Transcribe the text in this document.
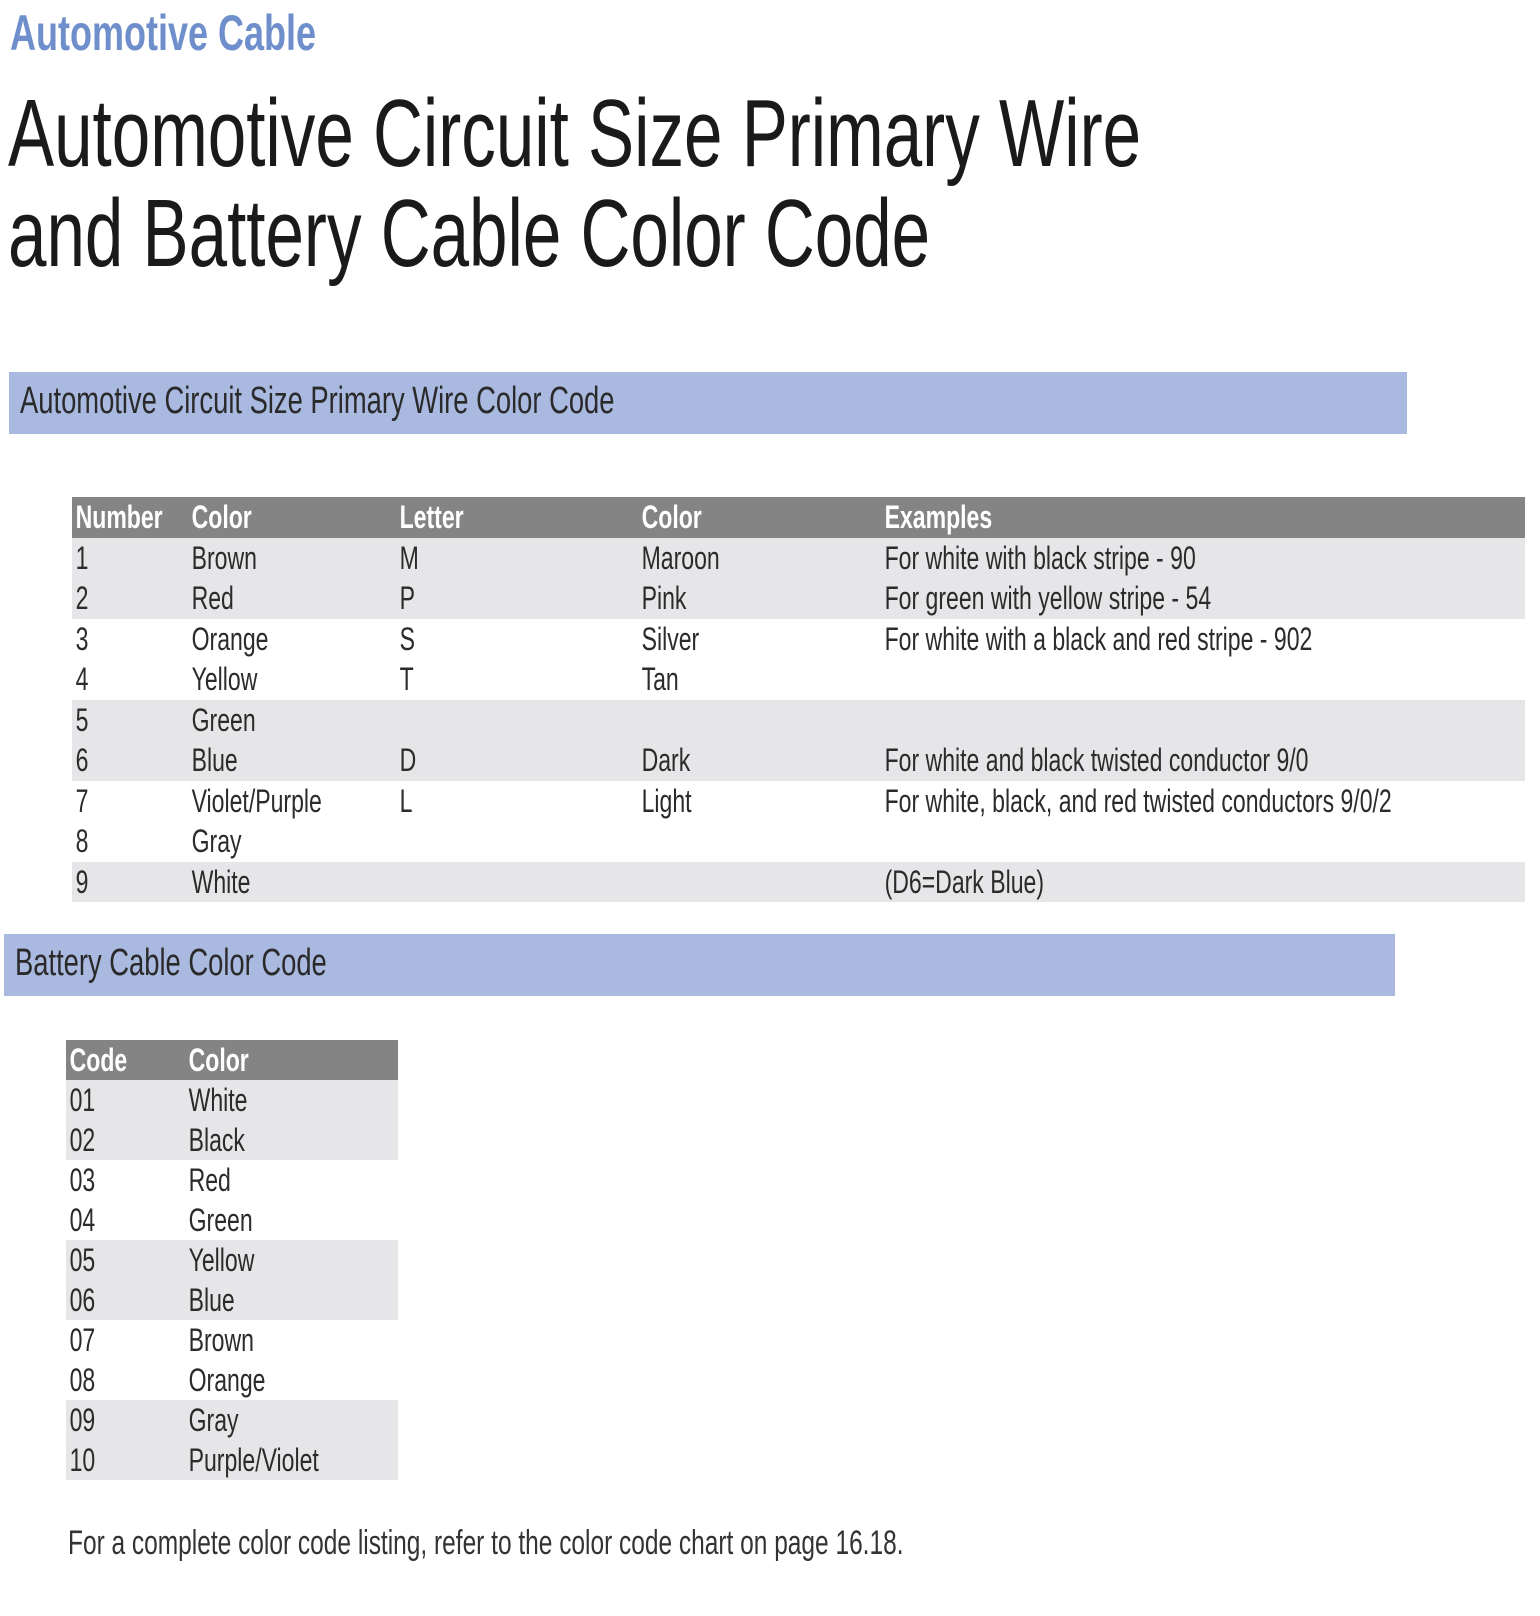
Automotive Cable
Automotive Circuit Size Primary Wire
and Battery Cable Color Code
Automotive Circuit Size Primary Wire Color Code
Number	Color	Letter	Color	Examples
1	Brown	M	Maroon	For white with black stripe - 90
2	Red	P	Pink	For green with yellow stripe - 54
3	Orange	S	Silver	For white with a black and red stripe - 902
4	Yellow	T	Tan	
5	Green			
6	Blue	D	Dark	For white and black twisted conductor 9/0
7	Violet/Purple	L	Light	For white, black, and red twisted conductors 9/0/2
8	Gray			
9	White			(D6=Dark Blue)
Battery Cable Color Code
Code	Color
01	White
02	Black
03	Red
04	Green
05	Yellow
06	Blue
07	Brown
08	Orange
09	Gray
10	Purple/Violet
For a complete color code listing, refer to the color code chart on page 16.18.
